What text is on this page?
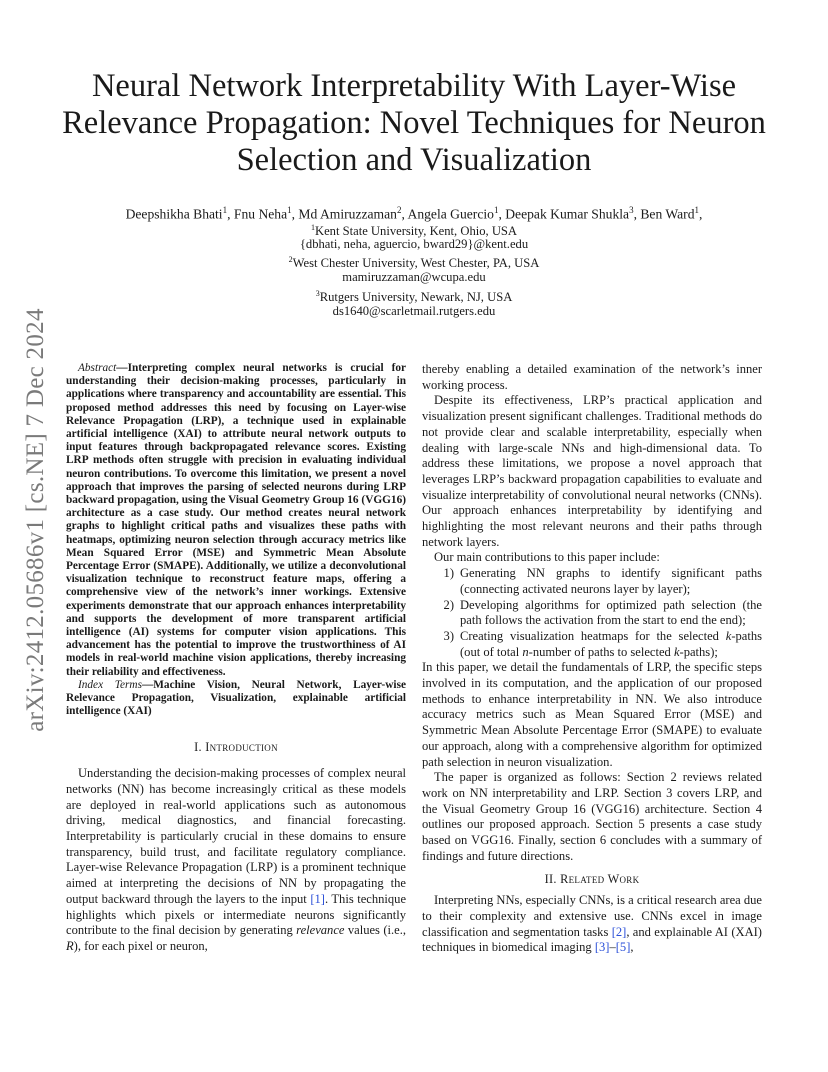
arXiv:2412.05686v1 [cs.NE] 7 Dec 2024
Neural Network Interpretability With Layer-Wise Relevance Propagation: Novel Techniques for Neuron Selection and Visualization
Deepshikha Bhati$^1$, Fnu Neha$^1$, Md Amiruzzaman$^2$, Angela Guercio$^1$, Deepak Kumar Shukla$^3$, Ben Ward$^1$,

$^1$Kent State University, Kent, Ohio, USA

{dbhati, neha, aguercio, bward29}@kent.edu

$^2$West Chester University, West Chester, PA, USA

mamiruzzaman@wcupa.edu

$^3$Rutgers University, Newark, NJ, USA

ds1640@scarletmail.rutgers.edu

Abstract—Interpreting complex neural networks is crucial for understanding their decision-making processes, particularly in applications where transparency and accountability are essential. This proposed method addresses this need by focusing on Layer-wise Relevance Propagation (LRP), a technique used in explainable artificial intelligence (XAI) to attribute neural network outputs to input features through backpropagated relevance scores. Existing LRP methods often struggle with precision in evaluating individual neuron contributions. To overcome this limitation, we present a novel approach that improves the parsing of selected neurons during LRP backward propagation, using the Visual Geometry Group 16 (VGG16) architecture as a case study. Our method creates neural network graphs to highlight critical paths and visualizes these paths with heatmaps, optimizing neuron selection through accuracy metrics like Mean Squared Error (MSE) and Symmetric Mean Absolute Percentage Error (SMAPE). Additionally, we utilize a deconvolutional visualization technique to reconstruct feature maps, offering a comprehensive view of the network’s inner workings. Extensive experiments demonstrate that our approach enhances interpretability and supports the development of more transparent artificial intelligence (AI) systems for computer vision applications. This advancement has the potential to improve the trustworthiness of AI models in real-world machine vision applications, thereby increasing their reliability and effectiveness.

Index Terms—Machine Vision, Neural Network, Layer-wise Relevance Propagation, Visualization, explainable artificial intelligence (XAI)

I. Introduction

Understanding the decision-making processes of complex neural networks (NN) has become increasingly critical as these models are deployed in real-world applications such as autonomous driving, medical diagnostics, and financial forecasting. Interpretability is particularly crucial in these domains to ensure transparency, build trust, and facilitate regulatory compliance. Layer-wise Relevance Propagation (LRP) is a prominent technique aimed at interpreting the decisions of NN by propagating the output backward through the layers to the input [1]. This technique highlights which pixels or intermediate neurons significantly contribute to the final decision by generating relevance values (i.e., R), for each pixel or neuron,

thereby enabling a detailed examination of the network’s inner working process.

Despite its effectiveness, LRP’s practical application and visualization present significant challenges. Traditional methods do not provide clear and scalable interpretability, especially when dealing with large-scale NNs and high-dimensional data. To address these limitations, we propose a novel approach that leverages LRP’s backward propagation capabilities to evaluate and visualize interpretability of convolutional neural networks (CNNs). Our approach enhances interpretability by identifying and highlighting the most relevant neurons and their paths through network layers.

Our main contributions to this paper include:

1) Generating NN graphs to identify significant paths (connecting activated neurons layer by layer);
2) Developing algorithms for optimized path selection (the path follows the activation from the start to end the end);
3) Creating visualization heatmaps for the selected k-paths (out of total n-number of paths to selected k-paths);

In this paper, we detail the fundamentals of LRP, the specific steps involved in its computation, and the application of our proposed methods to enhance interpretability in NN. We also introduce accuracy metrics such as Mean Squared Error (MSE) and Symmetric Mean Absolute Percentage Error (SMAPE) to evaluate our approach, along with a comprehensive algorithm for optimized path selection in neuron visualization.

The paper is organized as follows: Section 2 reviews related work on NN interpretability and LRP. Section 3 covers LRP, and the Visual Geometry Group 16 (VGG16) architecture. Section 4 outlines our proposed approach. Section 5 presents a case study based on VGG16. Finally, section 6 concludes with a summary of findings and future directions.

II. Related Work

Interpreting NNs, especially CNNs, is a critical research area due to their complexity and extensive use. CNNs excel in image classification and segmentation tasks [2], and explainable AI (XAI) techniques in biomedical imaging [3]–[5],
